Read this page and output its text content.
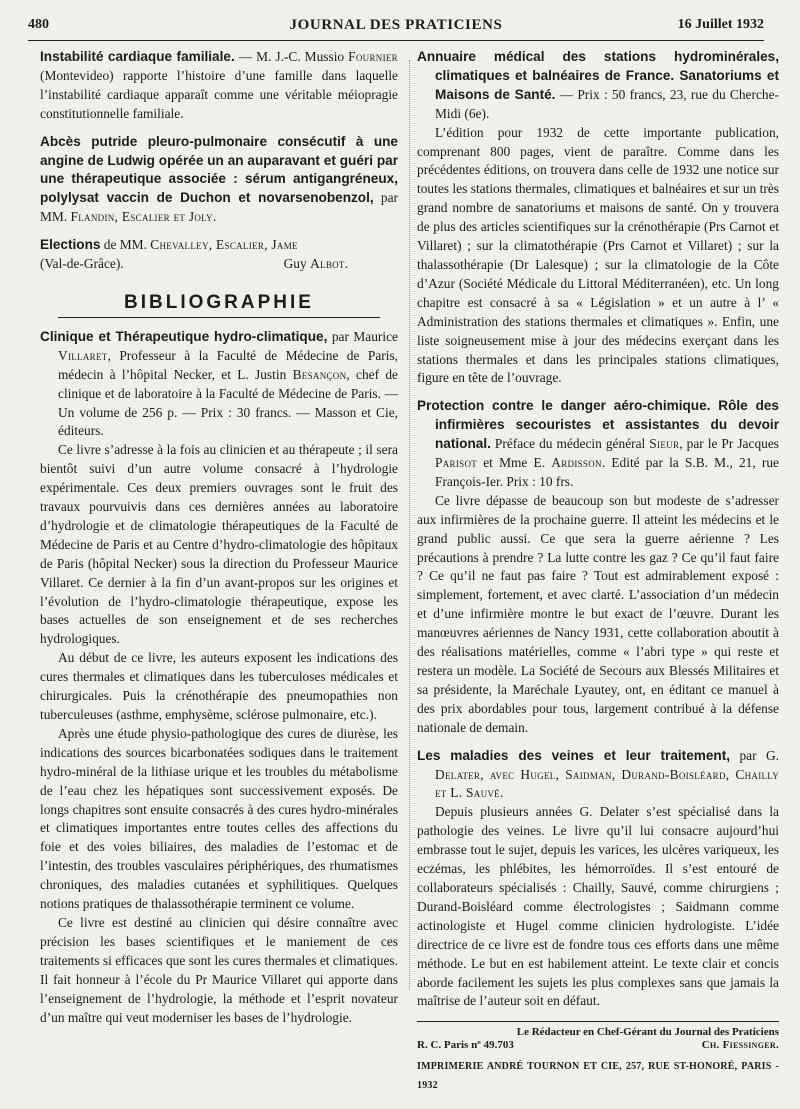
480	JOURNAL DES PRATICIENS	16 Juillet 1932

Instabilité cardiaque familiale. — M. J.-C. Mussio Fournier (Montevideo) rapporte l’histoire d’une famille dans laquelle l’instabilité cardiaque apparaît comme une véritable méiopragie constitutionnelle familiale.

Abcès putride pleuro-pulmonaire consécutif à une angine de Ludwig opérée un an auparavant et guéri par une thérapeutique associée : sérum antigangréneux, polylysat vaccin de Duchon et novarsenobenzol, par MM. Flandin, Escalier et Joly.

Elections de MM. Chevalley, Escalier, Jame

(Val-de-Grâce).	Guy Albot.

BIBLIOGRAPHIE

Clinique et Thérapeutique hydro-climatique, par Maurice Villaret, Professeur à la Faculté de Médecine de Paris, médecin à l’hôpital Necker, et L. Justin Besançon, chef de clinique et de laboratoire à la Faculté de Médecine de Paris. — Un volume de 256 p. — Prix : 30 francs. — Masson et Cie, éditeurs.

Ce livre s’adresse à la fois au clinicien et au thérapeute ; il sera bientôt suivi d’un autre volume consacré à l’hydrologie expérimentale. Ces deux premiers ouvrages sont le fruit des travaux pourvuivis dans ces dernières années au laboratoire d’hydrologie et de climatologie thérapeutiques de la Faculté de Médecine de Paris et au Centre d’hydro-climatologie des hôpitaux de Paris (hôpital Necker) sous la direction du Professeur Maurice Villaret. Ce dernier à la fin d’un avant-propos sur les origines et l’évolution de l’hydro-climatologie thérapeutique, expose les bases actuelles de son enseignement et de ses recherches hydrologiques.

Au début de ce livre, les auteurs exposent les indications des cures thermales et climatiques dans les tuberculoses médicales et chirurgicales. Puis la crénothérapie des pneumopathies non tuberculeuses (asthme, emphysème, sclérose pulmonaire, etc.).

Après une étude physio-pathologique des cures de diurèse, les indications des sources bicarbonatées sodiques dans le traitement hydro-minéral de la lithiase urique et les troubles du métabolisme de l’eau chez les hépatiques sont successivement exposés. De longs chapitres sont ensuite consacrés à des cures hydro-minérales et climatiques importantes entre toutes celles des affections du foie et des voies biliaires, des maladies de l’estomac et de l’intestin, des troubles vasculaires périphériques, des rhumatismes chroniques, des maladies cutanées et syphilitiques. Quelques notions pratiques de thalassothérapie terminent ce volume.

Ce livre est destiné au clinicien qui désire connaître avec précision les bases scientifiques et le maniement de ces traitements si efficaces que sont les cures thermales et climatiques. Il fait honneur à l’école du Pr Maurice Villaret qui apporte dans l’enseignement de l’hydrologie, la méthode et l’esprit novateur d’un maître qui veut moderniser les bases de l’hydrologie.

Annuaire médical des stations hydrominérales, climatiques et balnéaires de France. Sanatoriums et Maisons de Santé. — Prix : 50 francs, 23, rue du Cherche-Midi (6e).

L’édition pour 1932 de cette importante publication, comprenant 800 pages, vient de paraître. Comme dans les précédentes éditions, on trouvera dans celle de 1932 une notice sur toutes les stations thermales, climatiques et balnéaires et sur un très grand nombre de sanatoriums et maisons de santé. On y trouvera de plus des articles scientifiques sur la crénothérapie (Prs Carnot et Villaret) ; sur la climatothérapie (Prs Carnot et Villaret) ; sur la thalassothérapie (Dr Lalesque) ; sur la climatologie de la Côte d’Azur (Société Médicale du Littoral Méditerranéen), etc. Un long chapitre est consacré à sa « Législation » et un autre à l’ « Administration des stations thermales et climatiques ». Enfin, une liste soigneusement mise à jour des médecins exerçant dans les stations thermales et dans les principales stations climatiques, figure en tête de l’ouvrage.

Protection contre le danger aéro-chimique. Rôle des infirmières secouristes et assistantes du devoir national. Préface du médecin général Sieur, par le Pr Jacques Parisot et Mme E. Ardisson. Edité par la S.B. M., 21, rue François-Ier. Prix : 10 frs.

Ce livre dépasse de beaucoup son but modeste de s’adresser aux infirmières de la prochaine guerre. Il atteint les médecins et le grand public aussi. Ce que sera la guerre aérienne ? Les précautions à prendre ? La lutte contre les gaz ? Ce qu’il faut faire ? Ce qu’il ne faut pas faire ? Tout est admirablement exposé : simplement, fortement, et avec clarté. L’association d’un médecin et d’une infirmière montre le but exact de l’œuvre. Durant les manœuvres aériennes de Nancy 1931, cette collaboration aboutit à des réalisations matérielles, comme « l’abri type » qui reste et restera un modèle. La Société de Secours aux Blessés Militaires et sa présidente, la Maréchale Lyautey, ont, en éditant ce manuel à des prix abordables pour tous, largement contribué à la défense nationale de demain.

Les maladies des veines et leur traitement, par G. Delater, avec Hugel, Saidman, Durand-Boisléard, Chailly et L. Sauvé.

Depuis plusieurs années G. Delater s’est spécialisé dans la pathologie des veines. Le livre qu’il lui consacre aujourd’hui embrasse tout le sujet, depuis les varices, les ulcères variqueux, les eczémas, les phlébites, les hémorroïdes. Il s’est entouré de collaborateurs spécialisés : Chailly, Sauvé, comme chirurgiens ; Durand-Boisléard comme électrologistes ; Saidmann comme actinologiste et Hugel comme clinicien hydrologiste. L’idée directrice de ce livre est de fondre tous ces efforts dans une même méthode. Le but en est habilement atteint. Le texte clair et concis aborde facilement les sujets les plus complexes sans que jamais la maîtrise de l’auteur soit en défaut.

Le Rédacteur en Chef-Gérant du Journal des Praticiens
R. C. Paris nº 49.703	Ch. Fiessinger.
IMPRIMERIE ANDRÉ TOURNON ET CIE, 257, RUE ST-HONORÉ, PARIS - 1932
